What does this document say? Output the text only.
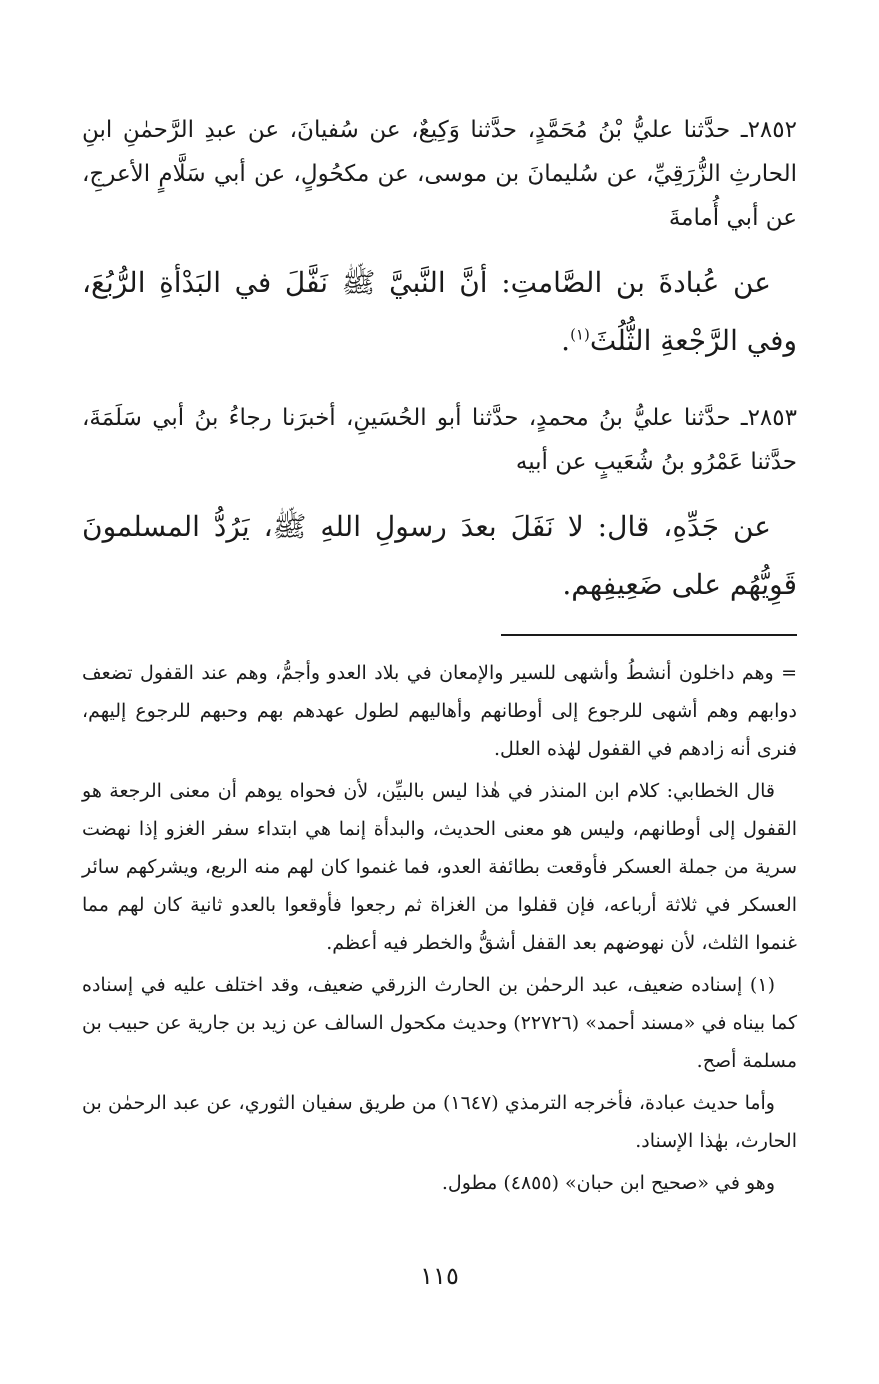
٢٨٥٢ـ حدَّثنا عليُّ بْنُ مُحَمَّدٍ، حدَّثنا وَكِيعٌ، عن سُفيانَ، عن عبدِ الرَّحمٰنِ ابنِ الحارثِ الزُّرَقِيِّ، عن سُليمانَ بن موسى، عن مكحُولٍ، عن أبي سَلَّامٍ الأعرجِ، عن أبي أُمامةَ

عن عُبادةَ بن الصَّامتِ: أنَّ النَّبيَّ ﷺ نَفَّلَ في البَدْأةِ الرُّبُعَ، وفي الرَّجْعةِ الثُّلُثَ$^{(١)}$.

٢٨٥٣ـ حدَّثنا عليُّ بنُ محمدٍ، حدَّثنا أبو الحُسَينِ، أخبرَنا رجاءُ بنُ أبي سَلَمَةَ، حدَّثنا عَمْرُو بنُ شُعَيبٍ عن أبيه

عن جَدِّهِ، قال: لا نَفَلَ بعدَ رسولِ اللهِ ﷺ، يَرُدُّ المسلمونَ قَوِيُّهُم على ضَعِيفِهم.

= وهم داخلون أنشطُ وأشهى للسير والإمعان في بلاد العدو وأجمُّ، وهم عند القفول تضعف دوابهم وهم أشهى للرجوع إلى أوطانهم وأهاليهم لطول عهدهم بهم وحبهم للرجوع إليهم، فنرى أنه زادهم في القفول لهٰذه العلل.

قال الخطابي: كلام ابن المنذر في هٰذا ليس بالبيِّن، لأن فحواه يوهم أن معنى الرجعة هو القفول إلى أوطانهم، وليس هو معنى الحديث، والبدأة إنما هي ابتداء سفر الغزو إذا نهضت سرية من جملة العسكر فأوقعت بطائفة العدو، فما غنموا كان لهم منه الربع، ويشركهم سائر العسكر في ثلاثة أرباعه، فإن قفلوا من الغزاة ثم رجعوا فأوقعوا بالعدو ثانية كان لهم مما غنموا الثلث، لأن نهوضهم بعد القفل أشقُّ والخطر فيه أعظم.

(١) إسناده ضعيف، عبد الرحمٰن بن الحارث الزرقي ضعيف، وقد اختلف عليه في إسناده كما بيناه في «مسند أحمد» (٢٢٧٢٦) وحديث مكحول السالف عن زيد بن جارية عن حبيب بن مسلمة أصح.

وأما حديث عبادة، فأخرجه الترمذي (١٦٤٧) من طريق سفيان الثوري، عن عبد الرحمٰن بن الحارث، بهٰذا الإسناد.

وهو في «صحيح ابن حبان» (٤٨٥٥) مطول.

١١٥
